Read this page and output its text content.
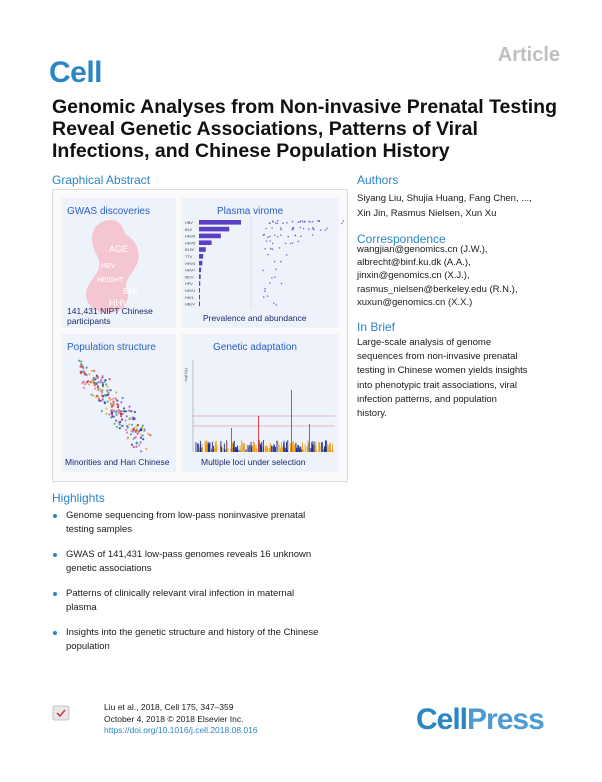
Article
Cell
Genomic Analyses from Non-invasive Prenatal Testing Reveal Genetic Associations, Patterns of Viral Infections, and Chinese Population History
Graphical Abstract
GWAS discoveries
AGE
HBV
HEIGHT
BMI
HHV
141,431 NIPT Chinese
participants
Plasma virome
HBV
B19
HHV6
HHV5
B19V
TTV
HHV4
HHV7
MCV
HPV
HHV1
HIV1
HBoV
Prevalence and abundance
Population structure
Minorities and Han Chinese
Genetic adaptation
-log10(p)
Multiple loci under selection
Authors
Siyang Liu, Shujia Huang, Fang Chen, ...,
Xin Jin, Rasmus Nielsen, Xun Xu
Correspondence
wangjian@genomics.cn (J.W.),
albrecht@binf.ku.dk (A.A.),
jinxin@genomics.cn (X.J.),
rasmus_nielsen@berkeley.edu (R.N.),
xuxun@genomics.cn (X.X.)
In Brief
Large-scale analysis of genome
sequences from non-invasive prenatal
testing in Chinese women yields insights
into phenotypic trait associations, viral
infection patterns, and population
history.
Highlights
Genome sequencing from low-pass noninvasive prenatal
testing samples
GWAS of 141,431 low-pass genomes reveals 16 unknown
genetic associations
Patterns of clinically relevant viral infection in maternal
plasma
Insights into the genetic structure and history of the Chinese
population
Liu et al., 2018, Cell 175, 347–359
October 4, 2018 © 2018 Elsevier Inc.
https://doi.org/10.1016/j.cell.2018.08.016	CellPress
